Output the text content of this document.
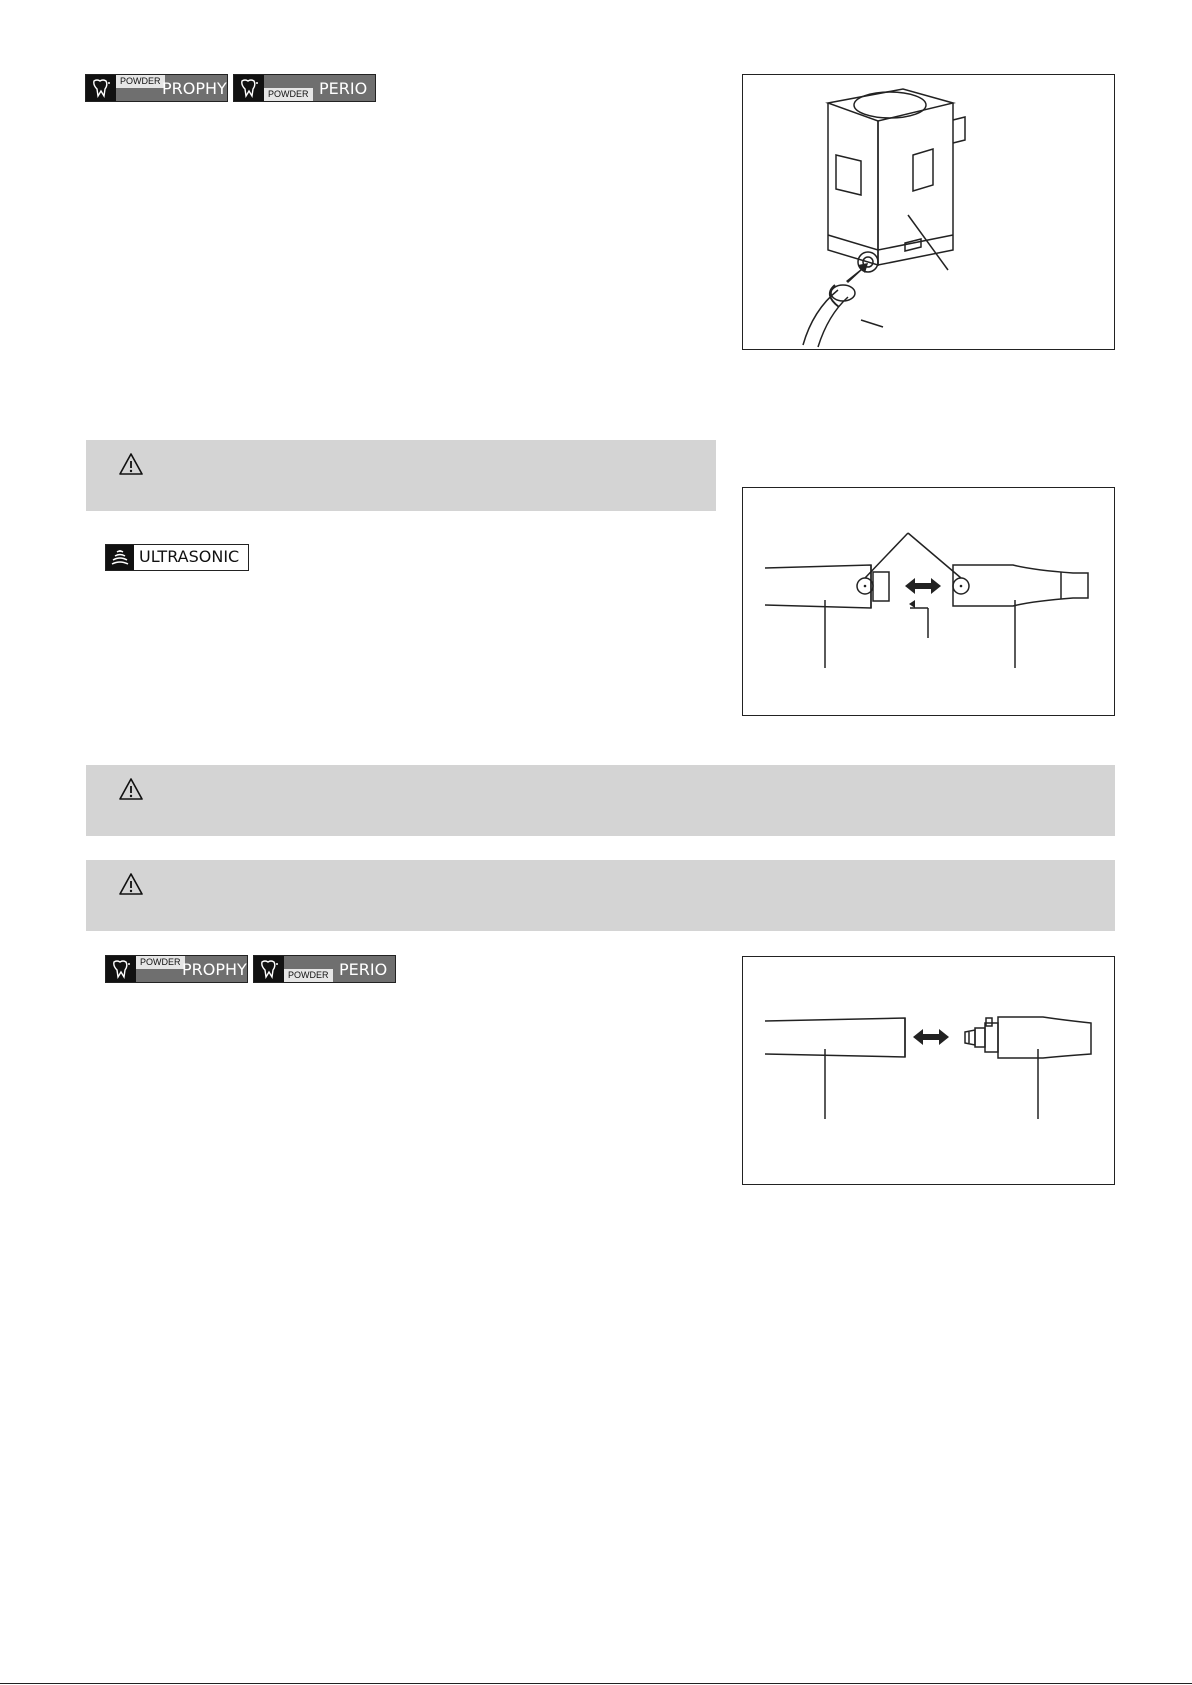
POWDER PROPHY	POWDER PERIO
ULTRASONIC
POWDER PROPHY	POWDER PERIO
